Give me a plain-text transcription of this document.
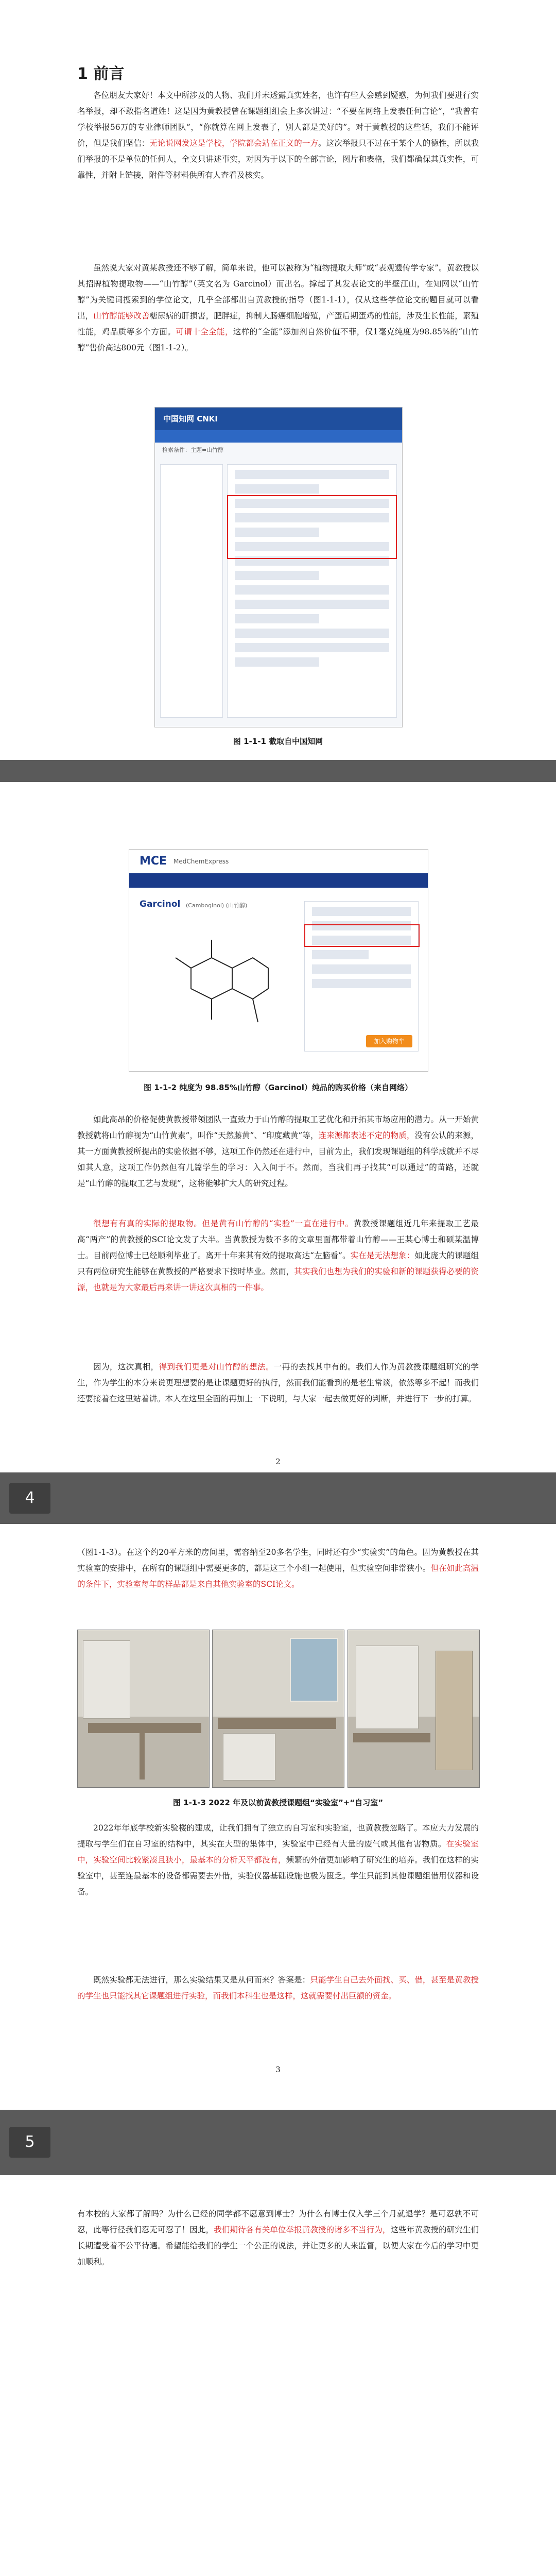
1 前言

各位朋友大家好！本文中所涉及的人物、我们并未透露真实姓名，也许有些人会感到疑惑，为何我们要进行实名举报，却不敢指名道姓！这是因为黄教授曾在课题组组会上多次讲过：“不要在网络上发表任何言论”，“我曾有学校举报56万的专业律师团队”，“你就算在网上发表了，别人都是美好的”。对于黄教授的这些话，我们不能评价，但是我们坚信：无论说网发这是学校，学院都会站在正义的一方。这次举报只不过在于某个人的德性，所以我们举报的不是单位的任何人，全文只讲述事实，对因为于以下的全部言论，图片和表格，我们都确保其真实性，可靠性，并附上链接，附件等材料供所有人查看及核实。

虽然说大家对黄某教授还不够了解，简单来说，他可以被称为“植物提取大师”或“表观遗传学专家”。黄教授以其招牌植物提取物——“山竹醇”（英文名为 Garcinol）而出名。撑起了其发表论文的半壁江山，在知网以“山竹醇”为关键词搜索到的学位论文，几乎全部都出自黄教授的指导（图1-1-1），仅从这些学位论文的题目就可以看出，山竹醇能够改善糖尿病的肝损害，肥胖症，抑制大肠癌细胞增殖，产蛋后期蛋鸡的性能，涉及生长性能，繁殖性能，鸡品质等多个方面。可谓十全全能，这样的“全能”添加剂自然价值不菲，仅1毫克纯度为98.85%的“山竹醇”售价高达800元（图1-1-2）。

中国知网 CNKI
检索条件：主题=山竹醇
图 1-1-1 截取自中国知网
MCE MedChemExpress
Garcinol (Camboginol) (山竹醇)
加入购物车
图 1-1-2 纯度为 98.85%山竹醇（Garcinol）纯品的购买价格（来自网络）

如此高昂的价格促使黄教授带领团队一直致力于山竹醇的提取工艺优化和开拓其市场应用的潜力。从一开始黄教授就将山竹醇视为“山竹黄素”，叫作“天然藤黄”、“印度藏黄”等，连来源都表述不定的物质，没有公认的来源，其一方面黄教授所提出的实验依据不够，这项工作仍然还在进行中，目前为止，我们发现课题组的科学成就并不尽如其人意，这项工作仍然但有几篇学生的学习：入入间于不。然而，当我们再子找其“可以通过”的苗路，还就是“山竹醇的提取工艺与发现”，这将能够扩大人的研究过程。

很想有有真的实际的提取物。但是黄有山竹醇的“实验”一直在进行中。黄教授课题组近几年来提取工艺最高“两产”的黄教授的SCI论文发了大半。当黄教授为数不多的文章里面都带着山竹醇——王某心博士和硕某温博士。目前两位博士已经顺利毕业了。离开十年来其有效的提取高达“左脑看”。实在是无法想象：如此庞大的课题组只有两位研究生能够在黄教授的严格要求下按时毕业。然而，其实我们也想为我们的实验和新的课题获得必要的资源，也就是为大家最后再来讲一讲这次真相的一件事。

因为，这次真相，得到我们更是对山竹醇的想法。一再的去找其中有的。我们人作为黄教授课题组研究的学生，作为学生的本分来说更理想要的是让课题更好的执行，然而我们能看到的是老生常谈，依然等多不起！而我们还要接着在这里站着讲。本人在这里全面的再加上一下说明，与大家一起去做更好的判断，并进行下一步的打算。

2

（图1-1-3）。在这个约20平方米的房间里，需容纳至20多名学生，同时还有少“实验实”的角色。因为黄教授在其实验室的安排中，在所有的课题组中需要更多的，都是这三个小组一起使用，但实验空间非常狭小。但在如此高温的条件下，实验室每年的样品都是来自其他实验室的SCI论文。

图 1-1-3 2022 年及以前黄教授课题组“实验室”+“自习室”

2022年年底学校新实验楼的建成，让我们拥有了独立的自习室和实验室，也黄教授忽略了。本应大力发展的提取与学生们在自习室的结构中，其实在大型的集体中，实验室中已经有大量的废气或其他有害物质。在实验室中，实验空间比较紧凑且狭小，最基本的分析天平都没有，频繁的外借更加影响了研究生的培养。我们在这样的实验室中，甚至连最基本的设备都需要去外借，实验仪器基础设施也极为匮乏。学生只能到其他课题组借用仪器和设备。

既然实验都无法进行，那么实验结果又是从何而来？答案是：只能学生自己去外面找、买、借，甚至是黄教授的学生也只能找其它课题组进行实验，而我们本科生也是这样，这就需要付出巨额的资金。

3

有本校的大家都了解吗？为什么已经的同学都不愿意到博士？为什么有博士仅入学三个月就退学？是可忍孰不可忍，此等行径我们忍无可忍了！因此，我们期待各有关单位举报黄教授的诸多不当行为，这些年黄教授的研究生们长期遭受着不公平待遇。希望能给我们的学生一个公正的说法，并让更多的人来监督，以便大家在今后的学习中更加顺利。

4
5
